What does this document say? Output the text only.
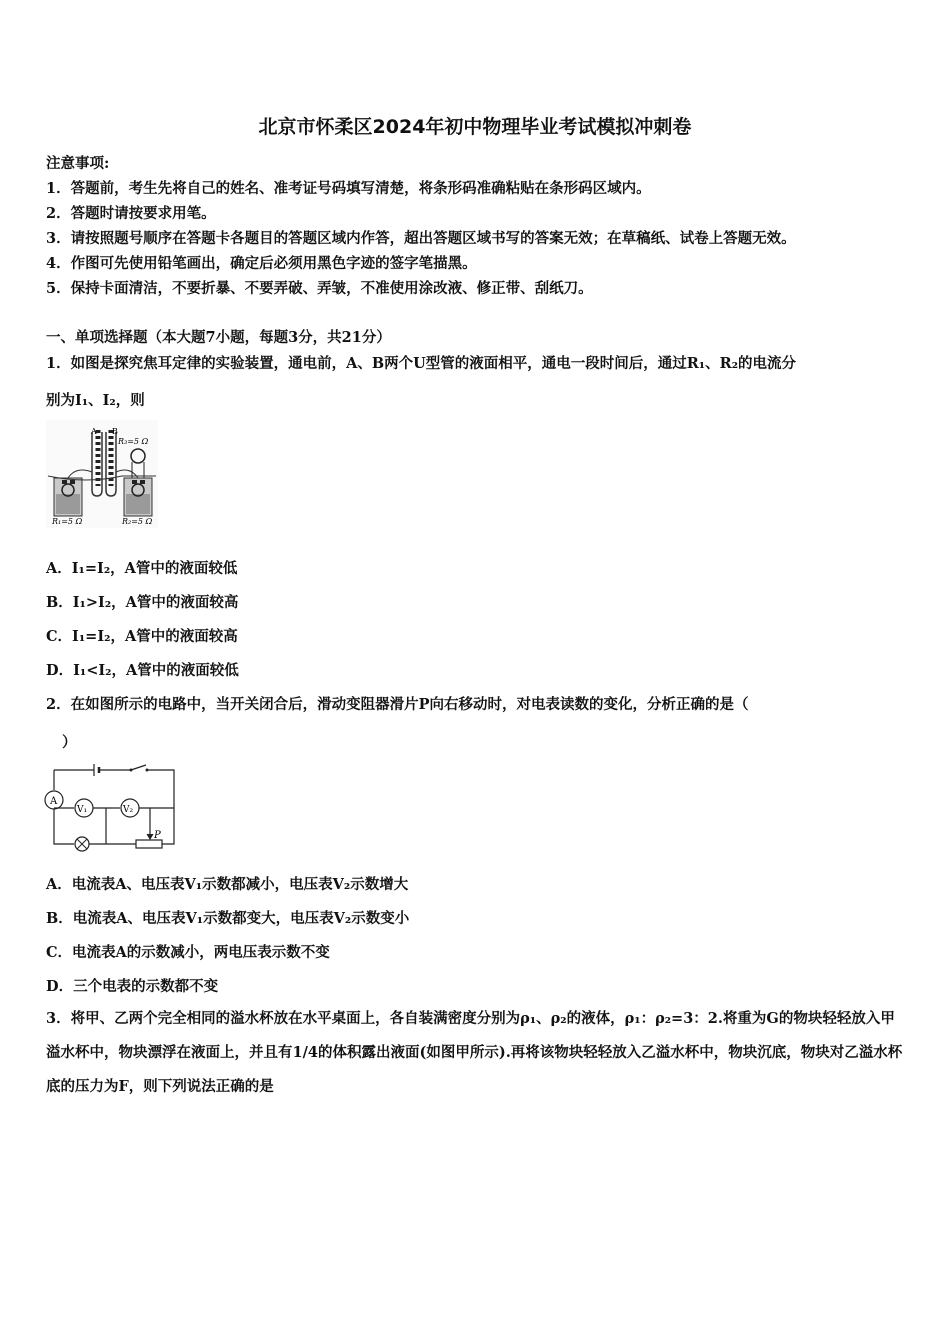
北京市怀柔区2024年初中物理毕业考试模拟冲刺卷
注意事项:
1．答题前，考生先将自己的姓名、准考证号码填写清楚，将条形码准确粘贴在条形码区域内。
2．答题时请按要求用笔。
3．请按照题号顺序在答题卡各题目的答题区域内作答，超出答题区域书写的答案无效；在草稿纸、试卷上答题无效。
4．作图可先使用铅笔画出，确定后必须用黑色字迹的签字笔描黑。
5．保持卡面清洁，不要折暴、不要弄破、弄皱，不准使用涂改液、修正带、刮纸刀。
一、单项选择题（本大题7小题，每题3分，共21分）
1．如图是探究焦耳定律的实验装置，通电前，A、B两个U型管的液面相平，通电一段时间后，通过R₁、R₂的电流分
别为I₁、I₂，则
A B
R₃=5 Ω
R₁=5 Ω	R₂=5 Ω
A．I₁=I₂，A管中的液面较低
B．I₁>I₂，A管中的液面较高
C．I₁=I₂，A管中的液面较高
D．I₁<I₂，A管中的液面较低
2．在如图所示的电路中，当开关闭合后，滑动变阻器滑片P向右移动时，对电表读数的变化，分析正确的是（
）
A
P
V₁	V₂
A．电流表A、电压表V₁示数都减小，电压表V₂示数增大
B．电流表A、电压表V₁示数都变大，电压表V₂示数变小
C．电流表A的示数减小，两电压表示数不变
D．三个电表的示数都不变
3．将甲、乙两个完全相同的溢水杯放在水平桌面上，各自装满密度分别为ρ₁、ρ₂的液体，ρ₁：ρ₂=3：2.将重为G的物块轻轻放入甲溢水杯中，物块漂浮在液面上，并且有1/4的体积露出液面(如图甲所示).再将该物块轻轻放入乙溢水杯中，物块沉底，物块对乙溢水杯底的压力为F，则下列说法正确的是
